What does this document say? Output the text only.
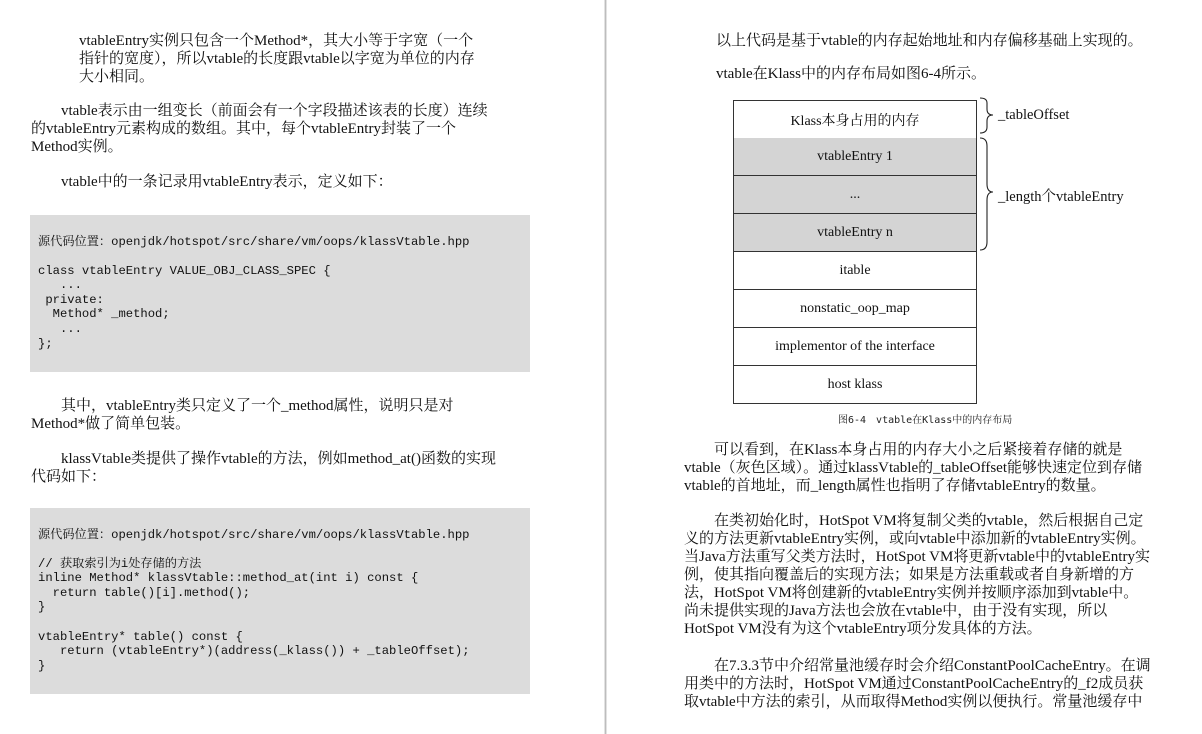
vtableEntry实例只包含一个Method*，其大小等于字宽（一个
指针的宽度），所以vtable的长度跟vtable以字宽为单位的内存
大小相同。

　　vtable表示由一组变长（前面会有一个字段描述该表的长度）连续
的vtableEntry元素构成的数组。其中，每个vtableEntry封装了一个
Method实例。

　　vtable中的一条记录用vtableEntry表示，定义如下：

源代码位置：openjdk/hotspot/src/share/vm/oops/klassVtable.hpp
class vtableEntry VALUE_OBJ_CLASS_SPEC {
...
private:
Method* _method;
...
};

　　其中，vtableEntry类只定义了一个_method属性，说明只是对
Method*做了简单包装。

　　klassVtable类提供了操作vtable的方法，例如method_at()函数的实现
代码如下：

源代码位置：openjdk/hotspot/src/share/vm/oops/klassVtable.hpp
// 获取索引为i处存储的方法
inline Method* klassVtable::method_at(int i) const {
return table()[i].method();
}

vtableEntry* table() const {
return (vtableEntry*)(address(_klass()) + _tableOffset);
}

以上代码是基于vtable的内存起始地址和内存偏移基础上实现的。

vtable在Klass中的内存布局如图6-4所示。

Klass本身占用的内存
vtableEntry 1
...
vtableEntry n
itable
nonstatic_oop_map
implementor of the interface
host klass
_tableOffset
_length个vtableEntry
图6-4　vtable在Klass中的内存布局

　　可以看到，在Klass本身占用的内存大小之后紧接着存储的就是
vtable（灰色区域）。通过klassVtable的_tableOffset能够快速定位到存储
vtable的首地址，而_length属性也指明了存储vtableEntry的数量。

　　在类初始化时，HotSpot VM将复制父类的vtable，然后根据自己定
义的方法更新vtableEntry实例，或向vtable中添加新的vtableEntry实例。
当Java方法重写父类方法时，HotSpot VM将更新vtable中的vtableEntry实
例，使其指向覆盖后的实现方法；如果是方法重载或者自身新增的方
法，HotSpot VM将创建新的vtableEntry实例并按顺序添加到vtable中。
尚未提供实现的Java方法也会放在vtable中，由于没有实现，所以
HotSpot VM没有为这个vtableEntry项分发具体的方法。

　　在7.3.3节中介绍常量池缓存时会介绍ConstantPoolCacheEntry。在调
用类中的方法时，HotSpot VM通过ConstantPoolCacheEntry的_f2成员获
取vtable中方法的索引，从而取得Method实例以便执行。常量池缓存中
